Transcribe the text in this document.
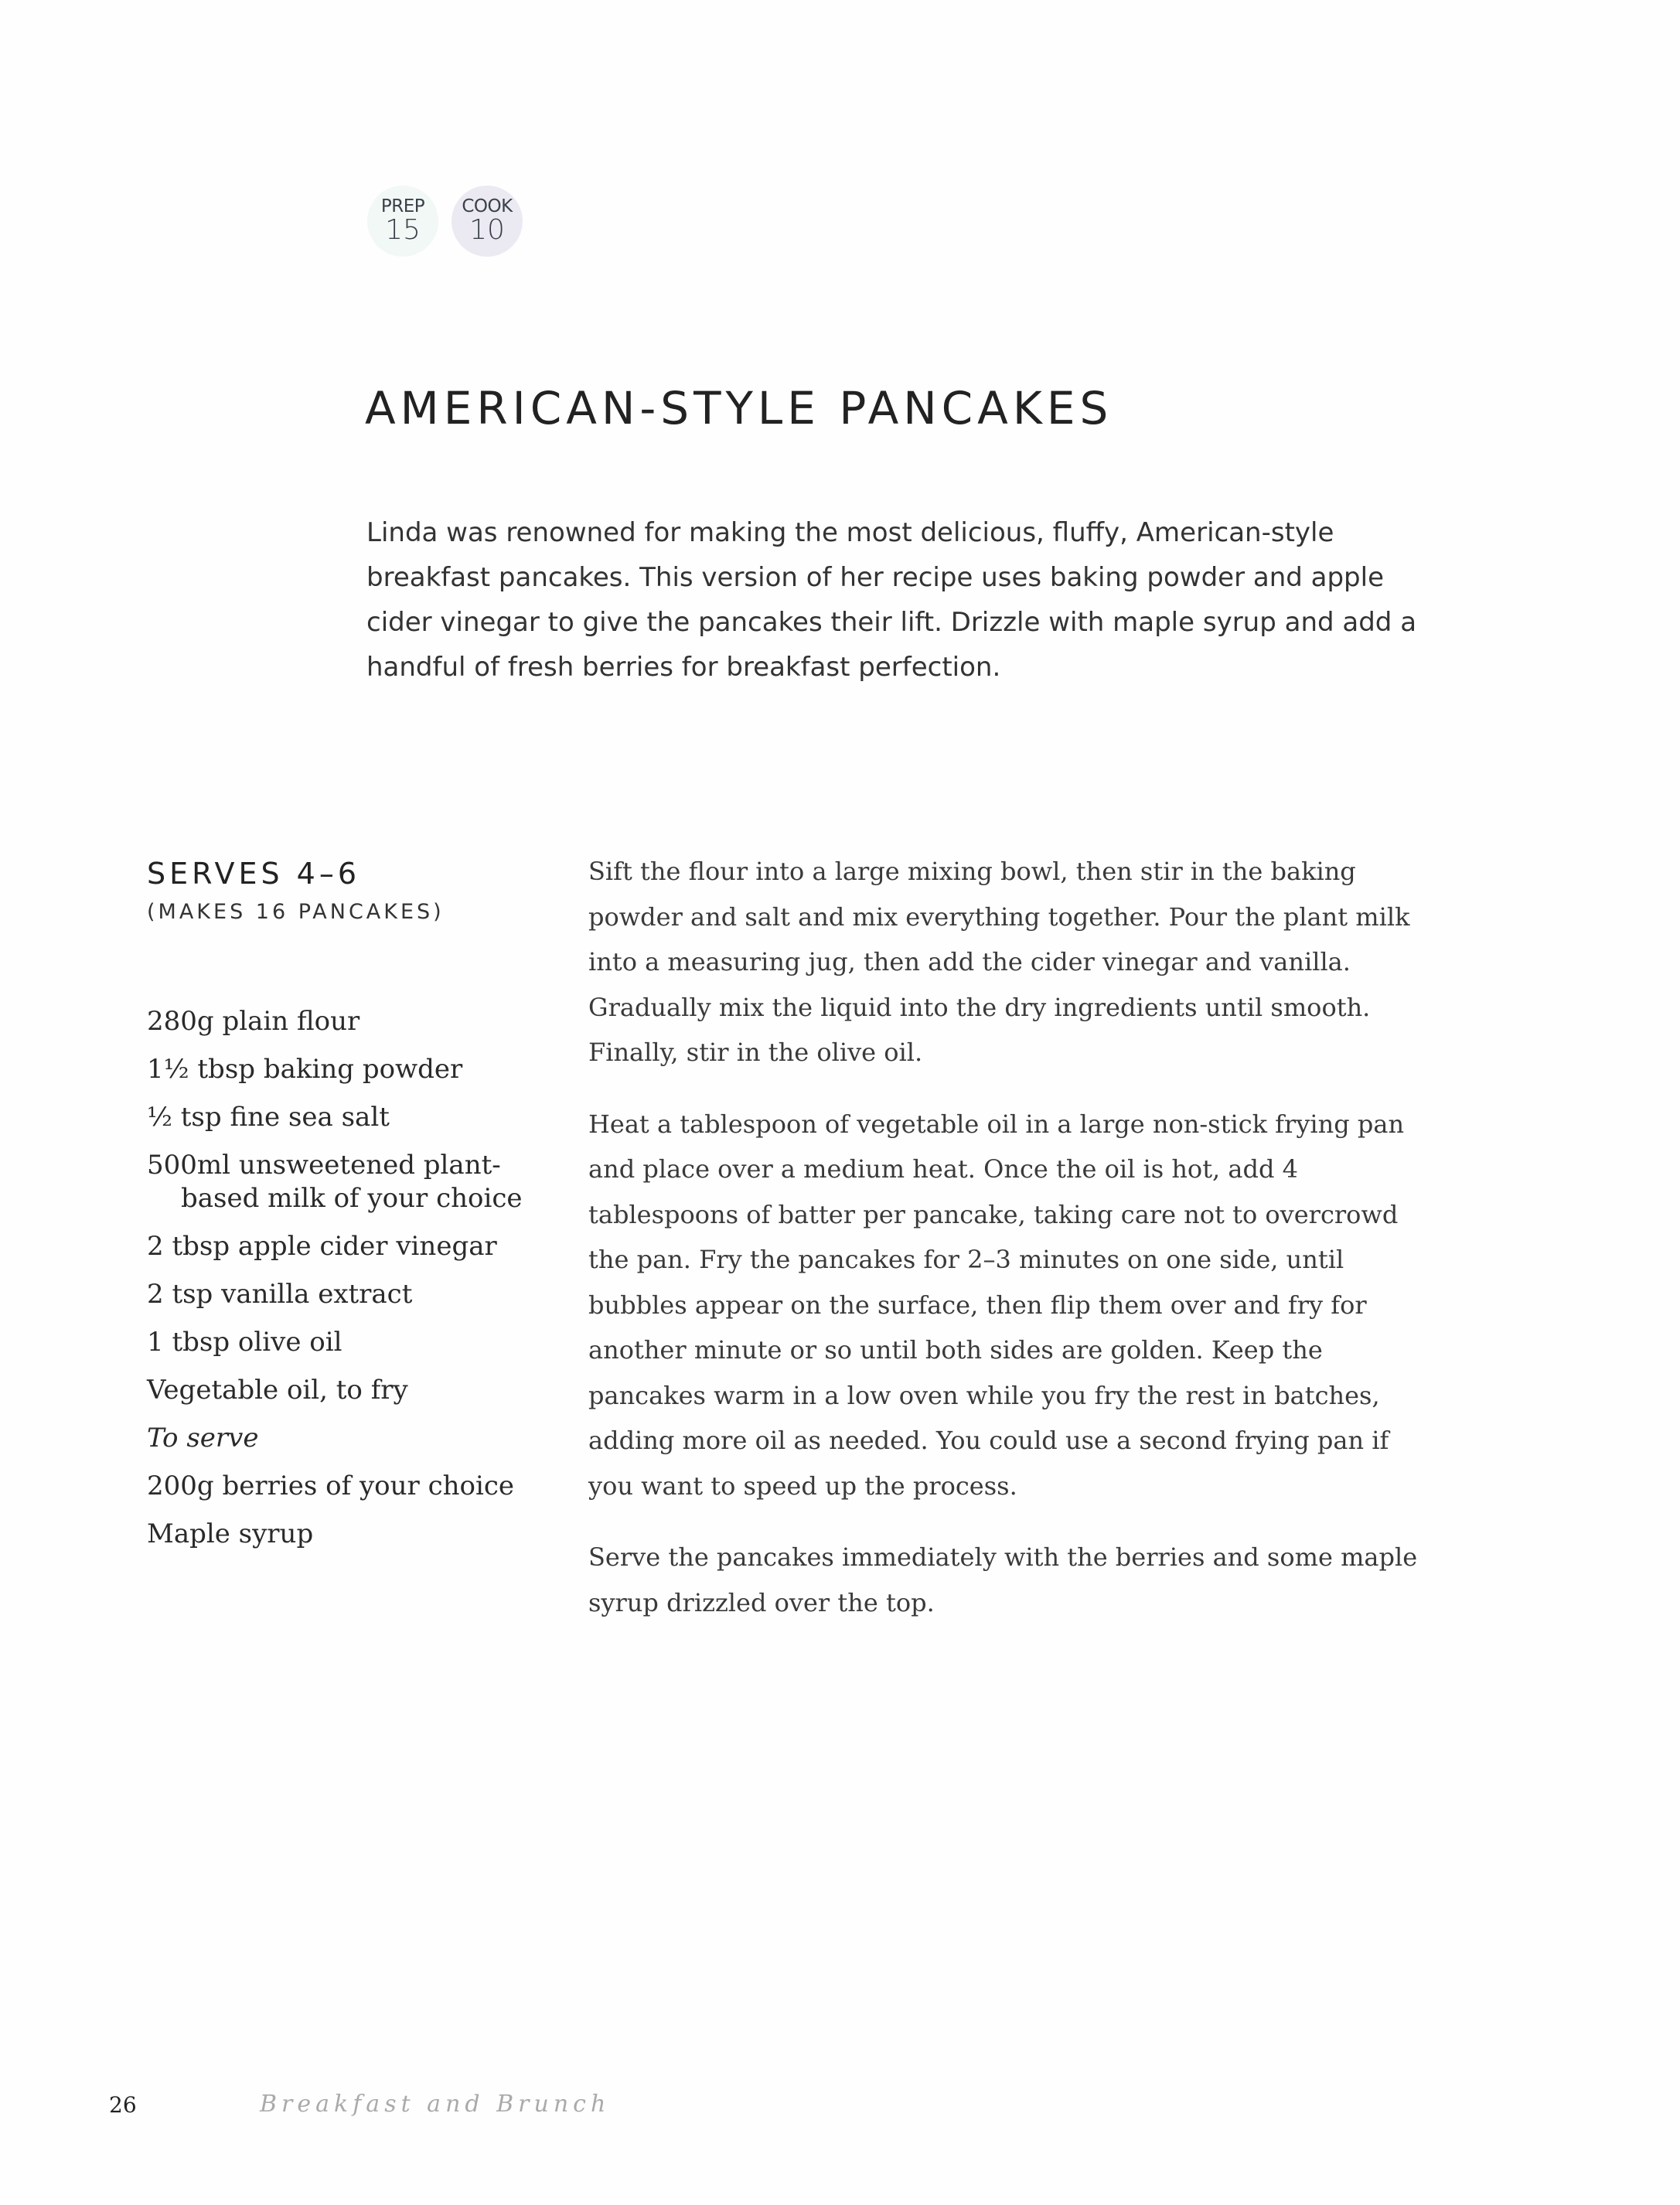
PREP
15
COOK
10
AMERICAN-STYLE PANCAKES

Linda was renowned for making the most delicious, fluffy, American-style breakfast pancakes. This version of her recipe uses baking powder and apple cider vinegar to give the pancakes their lift. Drizzle with maple syrup and add a handful of fresh berries for breakfast perfection.

SERVES 4–6
(MAKES 16 PANCAKES)
280g plain flour
1½ tbsp baking powder
½ tsp fine sea salt
500ml unsweetened plant-based milk of your choice
2 tbsp apple cider vinegar
2 tsp vanilla extract
1 tbsp olive oil
Vegetable oil, to fry
To serve
200g berries of your choice
Maple syrup

Sift the flour into a large mixing bowl, then stir in the baking powder and salt and mix everything together. Pour the plant milk into a measuring jug, then add the cider vinegar and vanilla. Gradually mix the liquid into the dry ingredients until smooth. Finally, stir in the olive oil.

Heat a tablespoon of vegetable oil in a large non-stick frying pan and place over a medium heat. Once the oil is hot, add 4 tablespoons of batter per pancake, taking care not to overcrowd the pan. Fry the pancakes for 2–3 minutes on one side, until bubbles appear on the surface, then flip them over and fry for another minute or so until both sides are golden. Keep the pancakes warm in a low oven while you fry the rest in batches, adding more oil as needed. You could use a second frying pan if you want to speed up the process.

Serve the pancakes immediately with the berries and some maple syrup drizzled over the top.

26	Breakfast and Brunch
